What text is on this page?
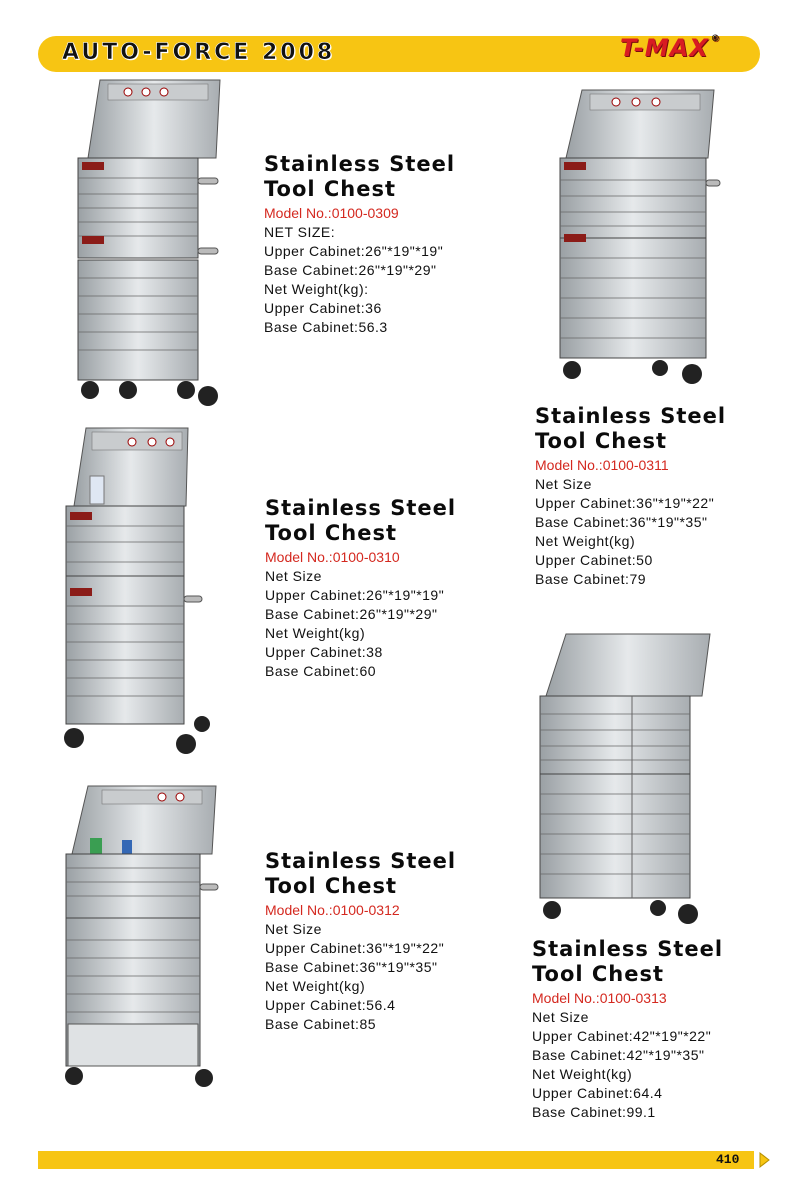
AUTO-FORCE 2008	T-MAX ®
Stainless Steel
Tool Chest
Model No.:0100-0309
NET SIZE:
Upper Cabinet:26"*19"*19"
Base Cabinet:26"*19"*29"
Net Weight(kg):
Upper Cabinet:36
Base Cabinet:56.3
Stainless Steel
Tool Chest
Model No.:0100-0311
Net Size
Upper Cabinet:36"*19"*22"
Base Cabinet:36"*19"*35"
Net Weight(kg)
Upper Cabinet:50
Base Cabinet:79
Stainless Steel
Tool Chest
Model No.:0100-0310
Net Size
Upper Cabinet:26"*19"*19"
Base Cabinet:26"*19"*29"
Net Weight(kg)
Upper Cabinet:38
Base Cabinet:60
Stainless Steel
Tool Chest
Model No.:0100-0312
Net Size
Upper Cabinet:36"*19"*22"
Base Cabinet:36"*19"*35"
Net Weight(kg)
Upper Cabinet:56.4
Base Cabinet:85
Stainless Steel
Tool Chest
Model No.:0100-0313
Net Size
Upper Cabinet:42"*19"*22"
Base Cabinet:42"*19"*35"
Net Weight(kg)
Upper Cabinet:64.4
Base Cabinet:99.1
410
